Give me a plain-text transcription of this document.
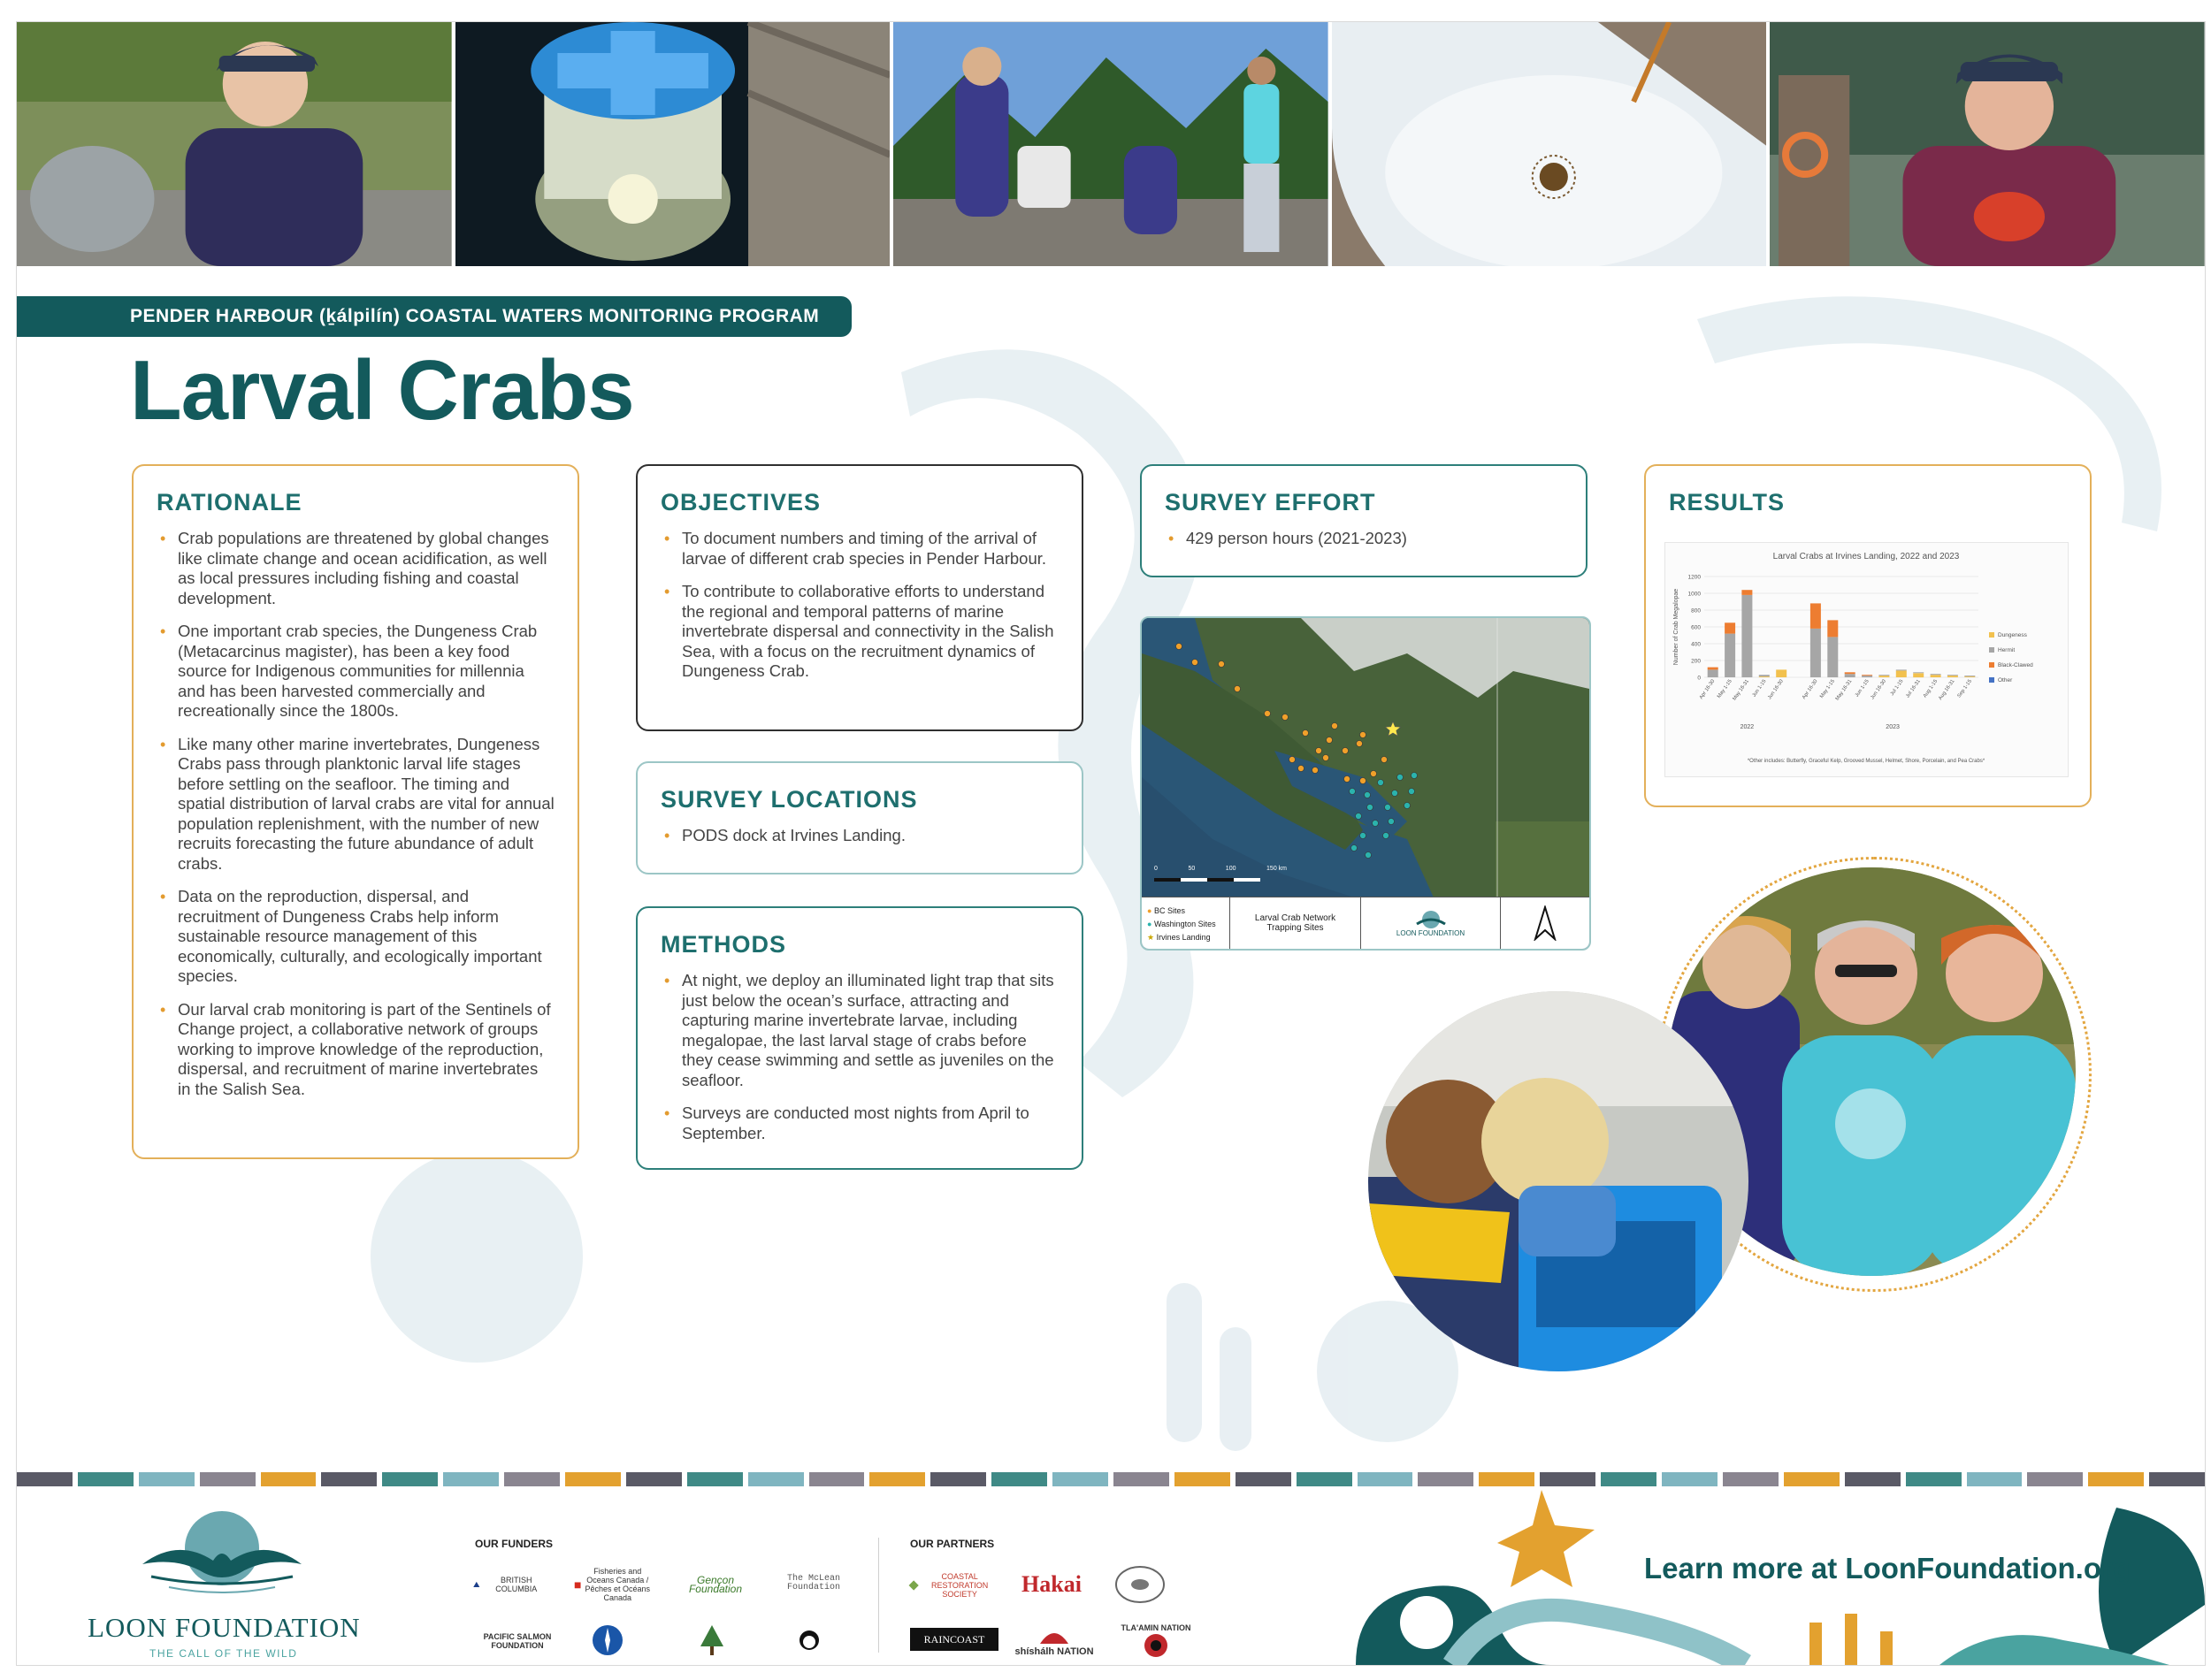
PENDER HARBOUR (ḵálpilín) COASTAL WATERS MONITORING PROGRAM
Larval Crabs
RATIONALE
• Crab populations are threatened by global changes like climate change and ocean acidification, as well as local pressures including fishing and coastal development.
• One important crab species, the Dungeness Crab (Metacarcinus magister), has been a key food source for Indigenous communities for millennia and has been harvested commercially and recreationally since the 1800s.
• Like many other marine invertebrates, Dungeness Crabs pass through planktonic larval life stages before settling on the seafloor. The timing and spatial distribution of larval crabs are vital for annual population replenishment, with the number of new recruits forecasting the future abundance of adult crabs.
• Data on the reproduction, dispersal, and recruitment of Dungeness Crabs help inform sustainable resource management of this economically, culturally, and ecologically important species.
• Our larval crab monitoring is part of the Sentinels of Change project, a collaborative network of groups working to improve knowledge of the reproduction, dispersal, and recruitment of marine invertebrates in the Salish Sea.
OBJECTIVES
• To document numbers and timing of the arrival of larvae of different crab species in Pender Harbour.
• To contribute to collaborative efforts to understand the regional and temporal patterns of marine invertebrate dispersal and connectivity in the Salish Sea, with a focus on the recruitment dynamics of Dungeness Crab.
SURVEY LOCATIONS
• PODS dock at Irvines Landing.
METHODS
• At night, we deploy an illuminated light trap that sits just below the ocean’s surface, attracting and capturing marine invertebrate larvae, including megalopae, the last larval stage of crabs before they cease swimming and settle as juveniles on the seafloor.
• Surveys are conducted most nights from April to September.
SURVEY EFFORT
• 429 person hours (2021-2023)
0	50	100	150 km
● BC Sites
● Washington Sites
★ Irvines Landing
Larval Crab Network Trapping Sites	LOON FOUNDATION
RESULTS
Larval Crabs at Irvines Landing, 2022 and 2023
0
200
400
600
800
1000
1200
Number of Crab Megalopae
Apr 16-30 May 1-15
May 16-31 Jun 1-15 Jun 16-30	Apr 16-30 May 1-15
May 16-31 Jun 1-15 Jun 16-30 Jul 1-15 Jul 16-31 Aug 1-15 Aug 16-31 Sep 1-15
2022	2023
Dungeness
Hermit
Black-Clawed
Other
*Other includes: Butterfly, Graceful Kelp, Grooved Mussel, Helmet, Shore, Porcelain, and Pea Crabs*
LOON FOUNDATION
THE CALL OF THE WILD
OUR FUNDERS	OUR PARTNERS
⛰	BRITISH COLUMBIA	■
Fisheries and Oceans Canada / Pêches et Océans Canada
Gençon Foundation
The McLean Foundation
PACIFIC SALMON FOUNDATION
COASTAL RESTORATION SOCIETY	Hakai
RAINCOAST
shíshálh NATION
TLA'AMIN NATION
Learn more at LoonFoundation.org
